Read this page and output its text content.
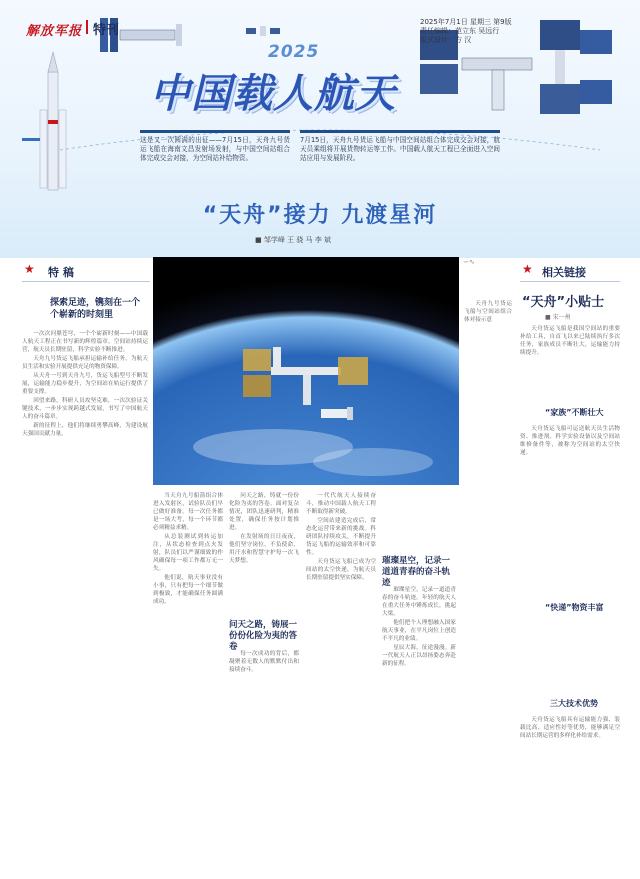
解放军报 特刊
2025年7月1日 星期三 第9版
责任编辑：范立东 吴远行
版式设计：方 汉
2025
中国载人航天
这是又一次圆满的出征——7月15日，天舟九号货运飞船在海南文昌发射场发射，与中国空间站组合体完成交会对接，为空间站补给物资。
7月15日，天舟九号货运飞船与中国空间站组合体完成交会对接，航天员乘组将开展货物转运等工作。中国载人航天工程已全面进入空间站应用与发展阶段。
“天舟”接力 九渡星河
■ 邹学峰 王 骁 马 李 斌
★ 特 稿
探索足迹，镌刻在一个个崭新的时刻里

一次次问鼎苍穹，一个个崭新时刻——中国载人航天工程正在书写新的辉煌篇章。空间站持续运营，航天员长期驻留，科学实验不断推进。

天舟九号货运飞船承担运输补给任务，为航天员生活和实验开展提供充足的物资保障。

从天舟一号到天舟九号，货运飞船型号不断发展，运输能力稳步提升，为空间站在轨运行提供了重要支撑。

回望来路，科研人员攻坚克难，一次次验证关键技术，一步步实现跨越式发展，书写了中国航天人的奋斗篇章。

新的征程上，他们将继续勇攀高峰，为建设航天强国贡献力量。

∽∿

当天舟九号船箭组合体进入发射区，试验队员们早已做好准备。每一次任务都是一场大考，每一个环节都必须精益求精。

从总装测试到转运加注，从状态检查到点火发射，队员们以严谨细致的作风确保每一项工作都万无一失。

他们说，航天事业没有小事，只有把每一个细节做到极致，才能确保任务圆满成功。

问天之路，铸就一份份化险为夷的答卷。面对复杂情况，团队迅速研判，精准处置，确保任务按计划推进。

在发射场的日日夜夜，他们坚守岗位，不负使命，用汗水和智慧守护每一次飞天梦想。

问天之路，铸展一份份化险为夷的答卷

每一次成功的背后，都凝聚着无数人的默默付出和接续奋斗。

一代代航天人接续奋斗，推动中国载人航天工程不断取得新突破。

空间站建造完成后，常态化运营带来新的挑战。科研团队持续攻关，不断提升货运飞船的运输效率和可靠性。

天舟货运飞船已成为空间站的太空快递，为航天员长期驻留提供坚实保障。

璀璨星空，记录一道道青春的奋斗轨迹

璀璨星空，记录一道道青春的奋斗轨迹。年轻的航天人在重大任务中锤炼成长，挑起大梁。

他们把个人理想融入国家航天事业，在平凡岗位上创造不平凡的业绩。

星辰大海，征途漫漫。新一代航天人正以昂扬姿态奔赴新的征程。

天舟九号货运飞船与空间站组合体对接示意

★ 相关链接
“天舟”小贴士
■ 宋一州
“家族”不断壮大

天舟货运飞船是我国空间站的重要补给工具，自首飞以来已陆续执行多次任务，家族成员不断壮大，运输能力持续提升。

天舟货运飞船可运送航天员生活物资、推进剂、科学实验设备以及空间站维修备件等，被称为空间站的太空快递。

“快递”物资丰富
三大技术优势

天舟货运飞船具有运输能力强、装载比高、适应性好等优势，能够满足空间站长期运营的多样化补给需求。
